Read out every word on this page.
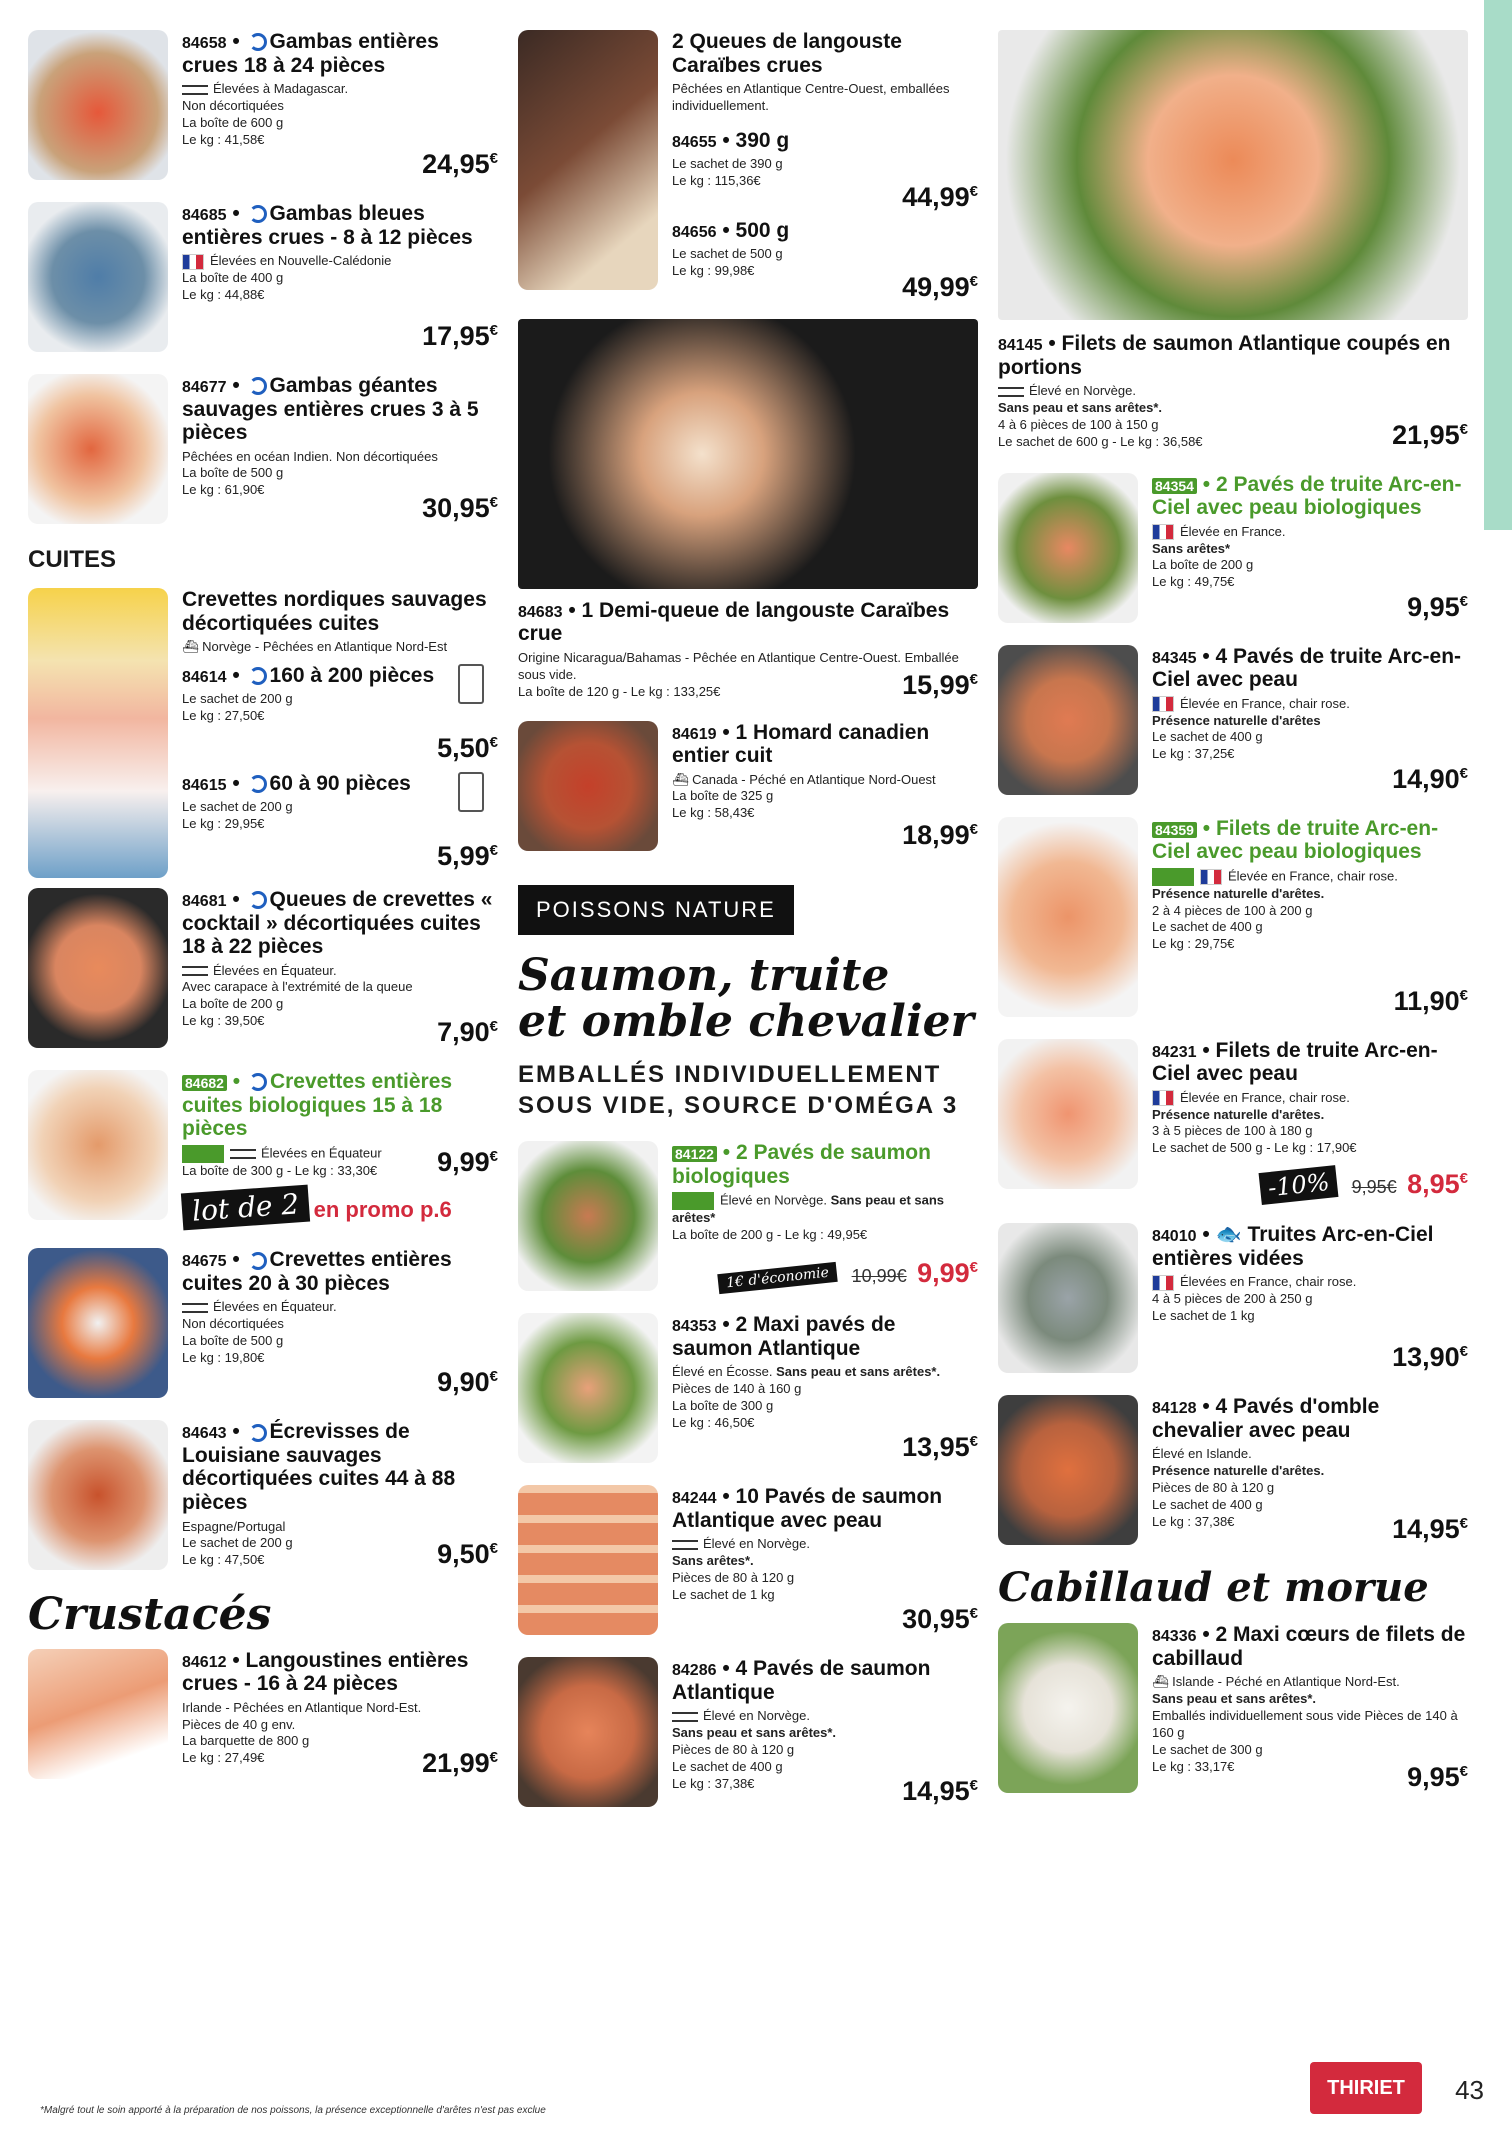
84658 • Gambas entières crues 18 à 24 pièces
Élevées à Madagascar.
Non décortiquées
La boîte de 600 g
Le kg : 41,58€
24,95€
84685 • Gambas bleues entières crues - 8 à 12 pièces
Élevées en Nouvelle-Calédonie
La boîte de 400 g
Le kg : 44,88€
17,95€
84677 • Gambas géantes sauvages entières crues 3 à 5 pièces
Pêchées en océan Indien. Non décortiquées
La boîte de 500 g
Le kg : 61,90€
30,95€
CUITES
Crevettes nordiques sauvages décortiquées cuites
⛴ Norvège - Pêchées en Atlantique Nord-Est
84614 • 160 à 200 pièces
Le sachet de 200 g
Le kg : 27,50€
5,50€
84615 • 60 à 90 pièces
Le sachet de 200 g
Le kg : 29,95€
5,99€
84681 • Queues de crevettes « cocktail » décortiquées cuites 18 à 22 pièces
Élevées en Équateur.
Avec carapace à l'extrémité de la queue
La boîte de 200 g
Le kg : 39,50€	7,90€
84682 • Crevettes entières cuites biologiques 15 à 18 pièces
Élevées en Équateur
La boîte de 300 g - Le kg : 33,30€
lot de 2 en promo p.6
9,99€
84675 • Crevettes entières cuites 20 à 30 pièces
Élevées en Équateur.
Non décortiquées
La boîte de 500 g
Le kg : 19,80€
9,90€
84643 • Écrevisses de Louisiane sauvages décortiquées cuites 44 à 88 pièces
Espagne/Portugal
Le sachet de 200 g
Le kg : 47,50€	9,50€
Crustacés
84612 • Langoustines entières crues - 16 à 24 pièces
Irlande - Pêchées en Atlantique Nord-Est.
Pièces de 40 g env.
La barquette de 800 g
Le kg : 27,49€	21,99€
2 Queues de langouste Caraïbes crues
Pêchées en Atlantique Centre-Ouest, emballées individuellement.
84655 • 390 g
Le sachet de 390 g
Le kg : 115,36€
44,99€
84656 • 500 g
Le sachet de 500 g
Le kg : 99,98€
49,99€
84683 • 1 Demi-queue de langouste Caraïbes crue
Origine Nicaragua/Bahamas - Pêchée en Atlantique Centre-Ouest. Emballée sous vide.
La boîte de 120 g - Le kg : 133,25€	15,99€
84619 • 1 Homard canadien entier cuit
⛴ Canada - Péché en Atlantique Nord-Ouest
La boîte de 325 g
Le kg : 58,43€
18,99€
POISSONS NATURE
Saumon, truite
et omble chevalier
EMBALLÉS INDIVIDUELLEMENT SOUS VIDE, SOURCE D'OMÉGA 3
84122 • 2 Pavés de saumon biologiques
Élevé en Norvège. Sans peau et sans arêtes*
La boîte de 200 g - Le kg : 49,95€
1€ d'économie 10,99€ 9,99€
84353 • 2 Maxi pavés de saumon Atlantique
Élevé en Écosse. Sans peau et sans arêtes*.
Pièces de 140 à 160 g
La boîte de 300 g
Le kg : 46,50€
13,95€
84244 • 10 Pavés de saumon Atlantique avec peau
Élevé en Norvège.
Sans arêtes*.
Pièces de 80 à 120 g
Le sachet de 1 kg
30,95€
84286 • 4 Pavés de saumon Atlantique
Élevé en Norvège.
Sans peau et sans arêtes*.
Pièces de 80 à 120 g
Le sachet de 400 g
Le kg : 37,38€	14,95€
84145 • Filets de saumon Atlantique coupés en portions
Élevé en Norvège.
Sans peau et sans arêtes*.
4 à 6 pièces de 100 à 150 g
Le sachet de 600 g - Le kg : 36,58€	21,95€
84354 • 2 Pavés de truite Arc-en-Ciel avec peau biologiques
Élevée en France.
Sans arêtes*
La boîte de 200 g
Le kg : 49,75€
9,95€
84345 • 4 Pavés de truite Arc-en-Ciel avec peau
Élevée en France, chair rose.
Présence naturelle d'arêtes
Le sachet de 400 g
Le kg : 37,25€
14,90€
84359 • Filets de truite Arc-en-Ciel avec peau biologiques
Élevée en France, chair rose.
Présence naturelle d'arêtes.
2 à 4 pièces de 100 à 200 g
Le sachet de 400 g
Le kg : 29,75€
11,90€
84231 • Filets de truite Arc-en-Ciel avec peau
Élevée en France, chair rose.
Présence naturelle d'arêtes.
3 à 5 pièces de 100 à 180 g
Le sachet de 500 g - Le kg : 17,90€
-10% 9,95€ 8,95€
84010 • 🐟 Truites Arc-en-Ciel entières vidées
Élevées en France, chair rose.
4 à 5 pièces de 200 à 250 g
Le sachet de 1 kg
13,90€
84128 • 4 Pavés d'omble chevalier avec peau
Élevé en Islande.
Présence naturelle d'arêtes.
Pièces de 80 à 120 g
Le sachet de 400 g
Le kg : 37,38€	14,95€
Cabillaud et morue
84336 • 2 Maxi cœurs de filets de cabillaud
⛴ Islande - Péché en Atlantique Nord-Est.
Sans peau et sans arêtes*.
Emballés individuellement sous vide Pièces de 140 à 160 g
Le sachet de 300 g
Le kg : 33,17€	9,95€
*Malgré tout le soin apporté à la préparation de nos poissons, la présence exceptionnelle d'arêtes n'est pas exclue
THIRIET	43
